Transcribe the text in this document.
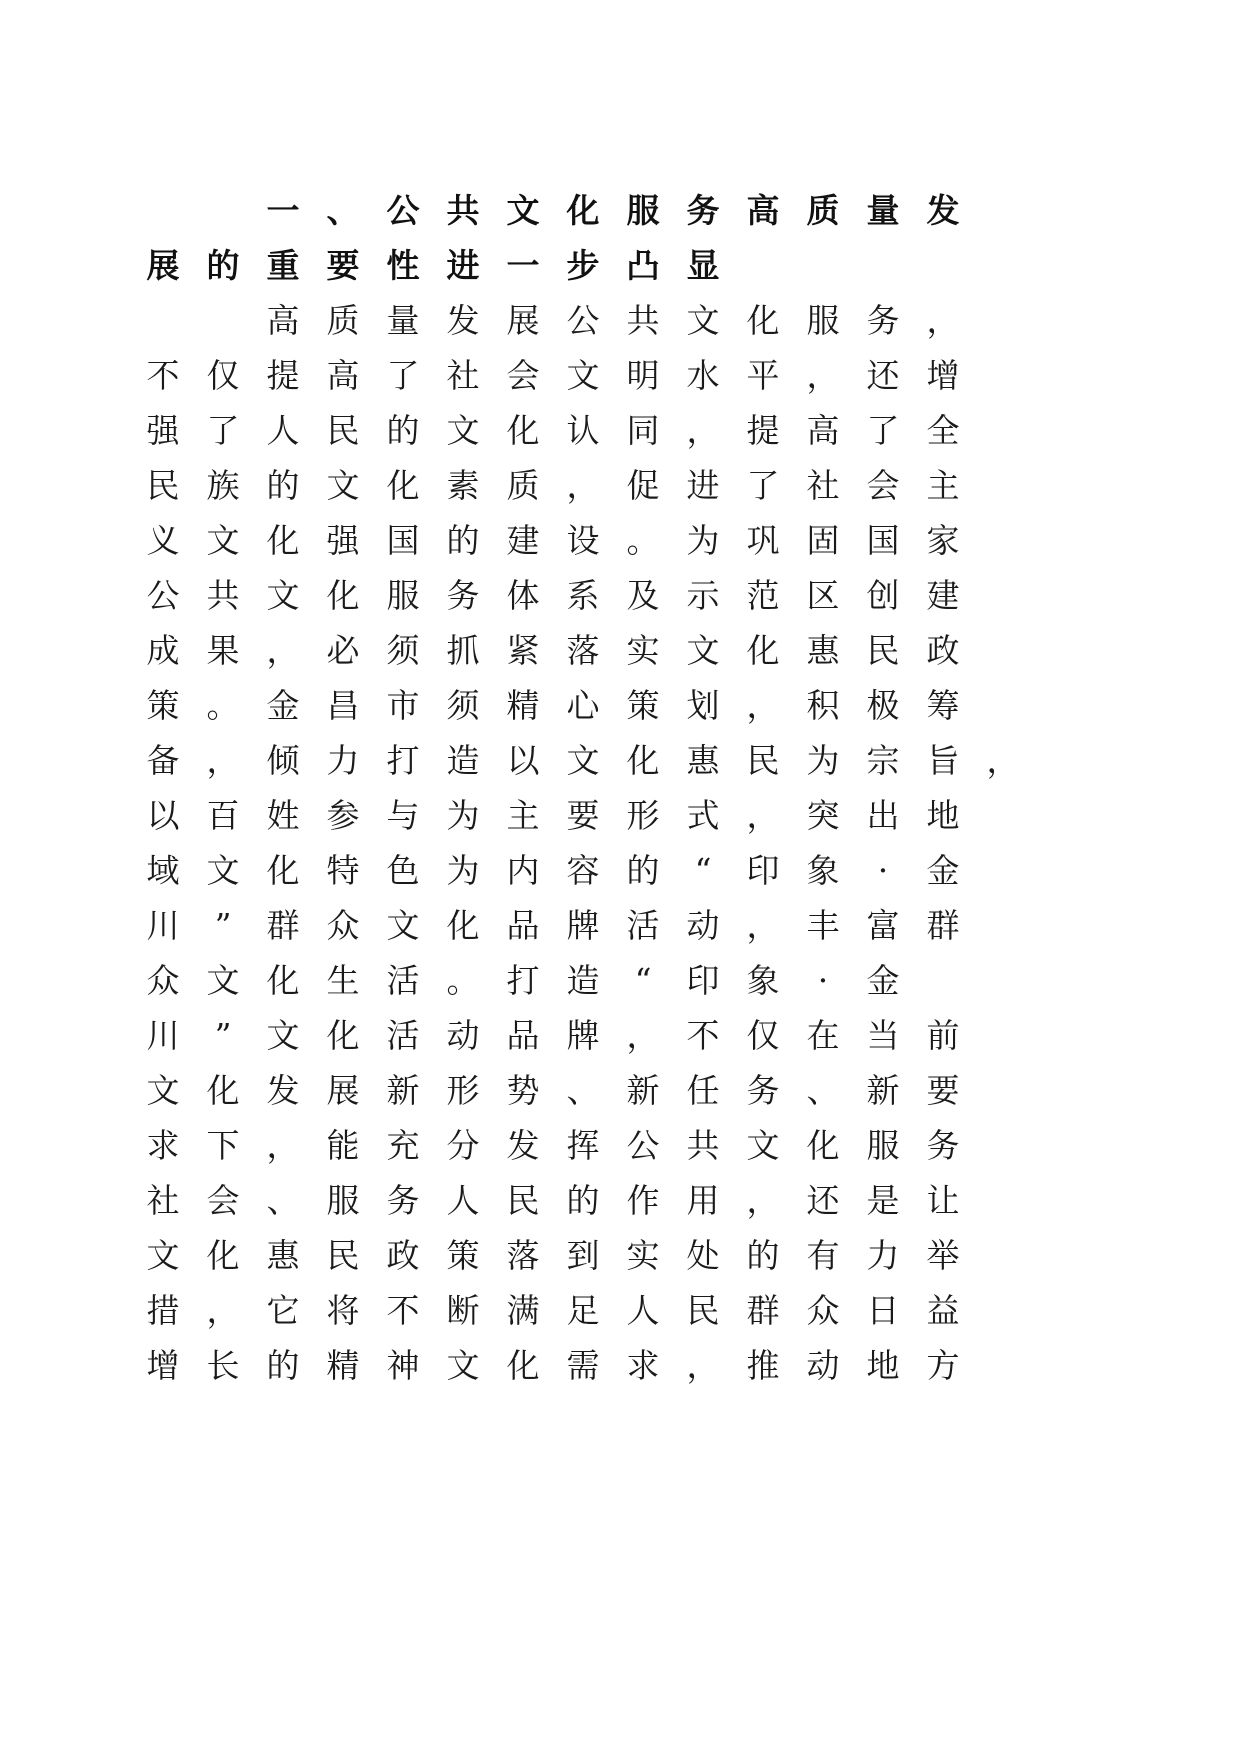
一 、 公 共 文 化 服 务 高 质 量 发
展 的 重 要 性 进 一 步 凸 显
高 质 量 发 展 公 共 文 化 服 务 ，
不 仅 提 高 了 社 会 文 明 水 平 ， 还 增
强 了 人 民 的 文 化 认 同 ， 提 高 了 全
民 族 的 文 化 素 质 ， 促 进 了 社 会 主
义 文 化 强 国 的 建 设 。 为 巩 固 国 家
公 共 文 化 服 务 体 系 及 示 范 区 创 建
成 果 ， 必 须 抓 紧 落 实 文 化 惠 民 政
策 。 金 昌 市 须 精 心 策 划 ， 积 极 筹
备 ， 倾 力 打 造 以 文 化 惠 民 为 宗 旨 ，
以 百 姓 参 与 为 主 要 形 式 ， 突 出 地
域 文 化 特 色 为 内 容 的	“	印 象	·	金
川	”	群 众 文 化 品 牌 活 动 ， 丰 富 群
众 文 化 生 活 。 打 造	“	印 象	·	金
川	”	文 化 活 动 品 牌 ， 不 仅 在 当 前
文 化 发 展 新 形 势 、 新 任 务 、 新 要
求 下 ， 能 充 分 发 挥 公 共 文 化 服 务
社 会 、 服 务 人 民 的 作 用 ， 还 是 让
文 化 惠 民 政 策 落 到 实 处 的 有 力 举
措 ， 它 将 不 断 满 足 人 民 群 众 日 益
增 长 的 精 神 文 化 需 求 ， 推 动 地 方
